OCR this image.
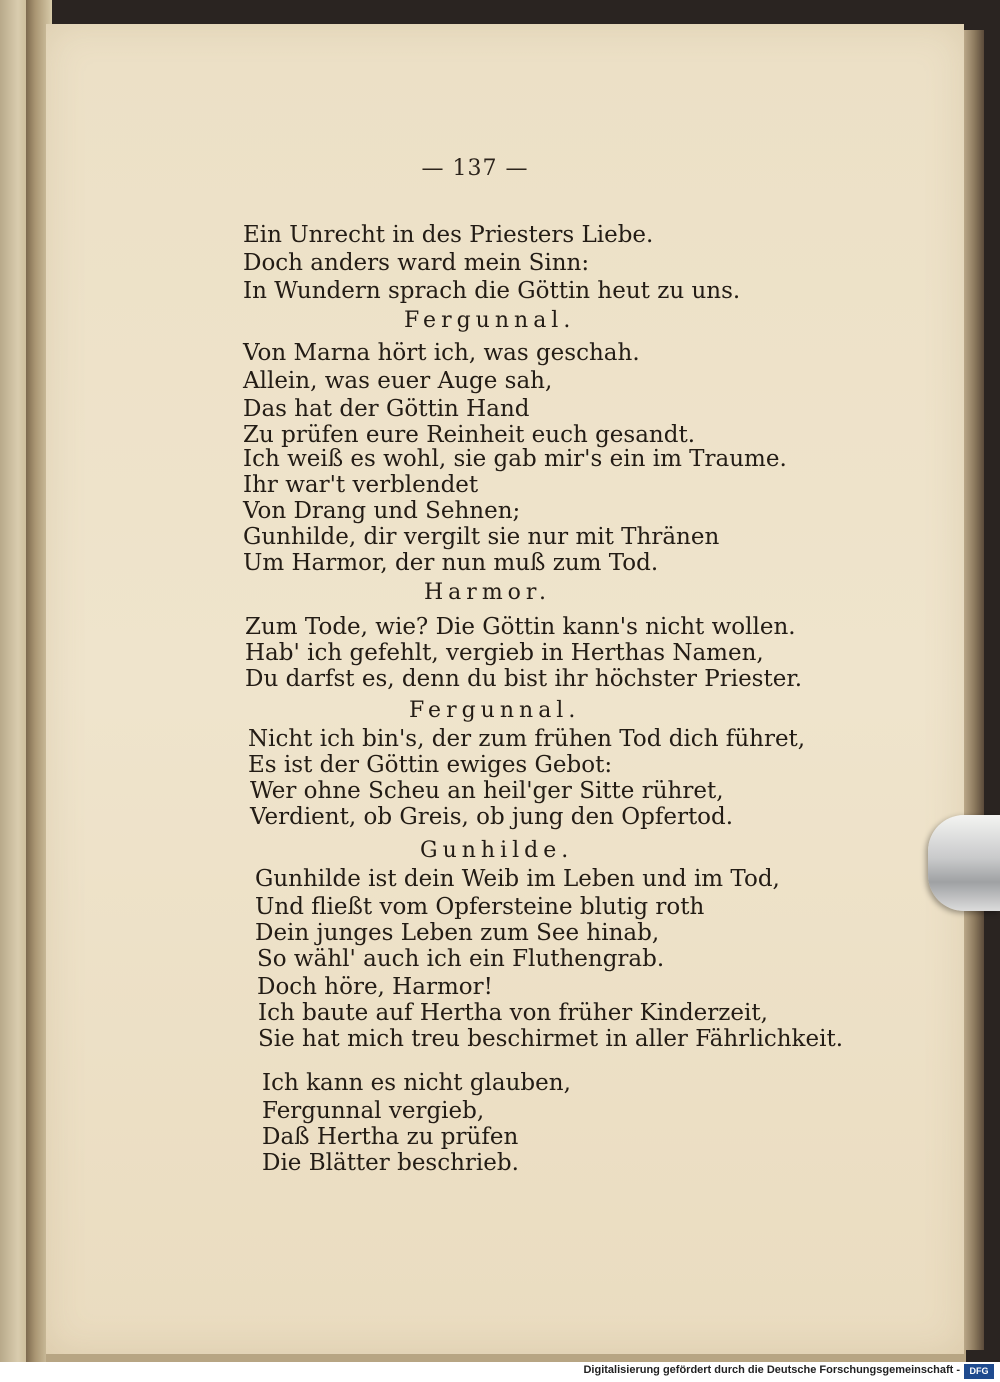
— 137 —
Ein Unrecht in des Priesters Liebe.
Doch anders ward mein Sinn:
In Wundern sprach die Göttin heut zu uns.
Fergunnal.
Von Marna hört ich, was geschah.
Allein, was euer Auge sah,
Das hat der Göttin Hand
Zu prüfen eure Reinheit euch gesandt.
Ich weiß es wohl, sie gab mir's ein im Traume.
Ihr war't verblendet
Von Drang und Sehnen;
Gunhilde, dir vergilt sie nur mit Thränen
Um Harmor, der nun muß zum Tod.
Harmor.
Zum Tode, wie? Die Göttin kann's nicht wollen.
Hab' ich gefehlt, vergieb in Herthas Namen,
Du darfst es, denn du bist ihr höchster Priester.
Fergunnal.
Nicht ich bin's, der zum frühen Tod dich führet,
Es ist der Göttin ewiges Gebot:
Wer ohne Scheu an heil'ger Sitte rühret,
Verdient, ob Greis, ob jung den Opfertod.
Gunhilde.
Gunhilde ist dein Weib im Leben und im Tod,
Und fließt vom Opfersteine blutig roth
Dein junges Leben zum See hinab,
So wähl' auch ich ein Fluthengrab.
Doch höre, Harmor!
Ich baute auf Hertha von früher Kinderzeit,
Sie hat mich treu beschirmet in aller Fährlichkeit.
Ich kann es nicht glauben,
Fergunnal vergieb,
Daß Hertha zu prüfen
Die Blätter beschrieb.
Digitalisierung gefördert durch die Deutsche Forschungsgemeinschaft -	DFG
